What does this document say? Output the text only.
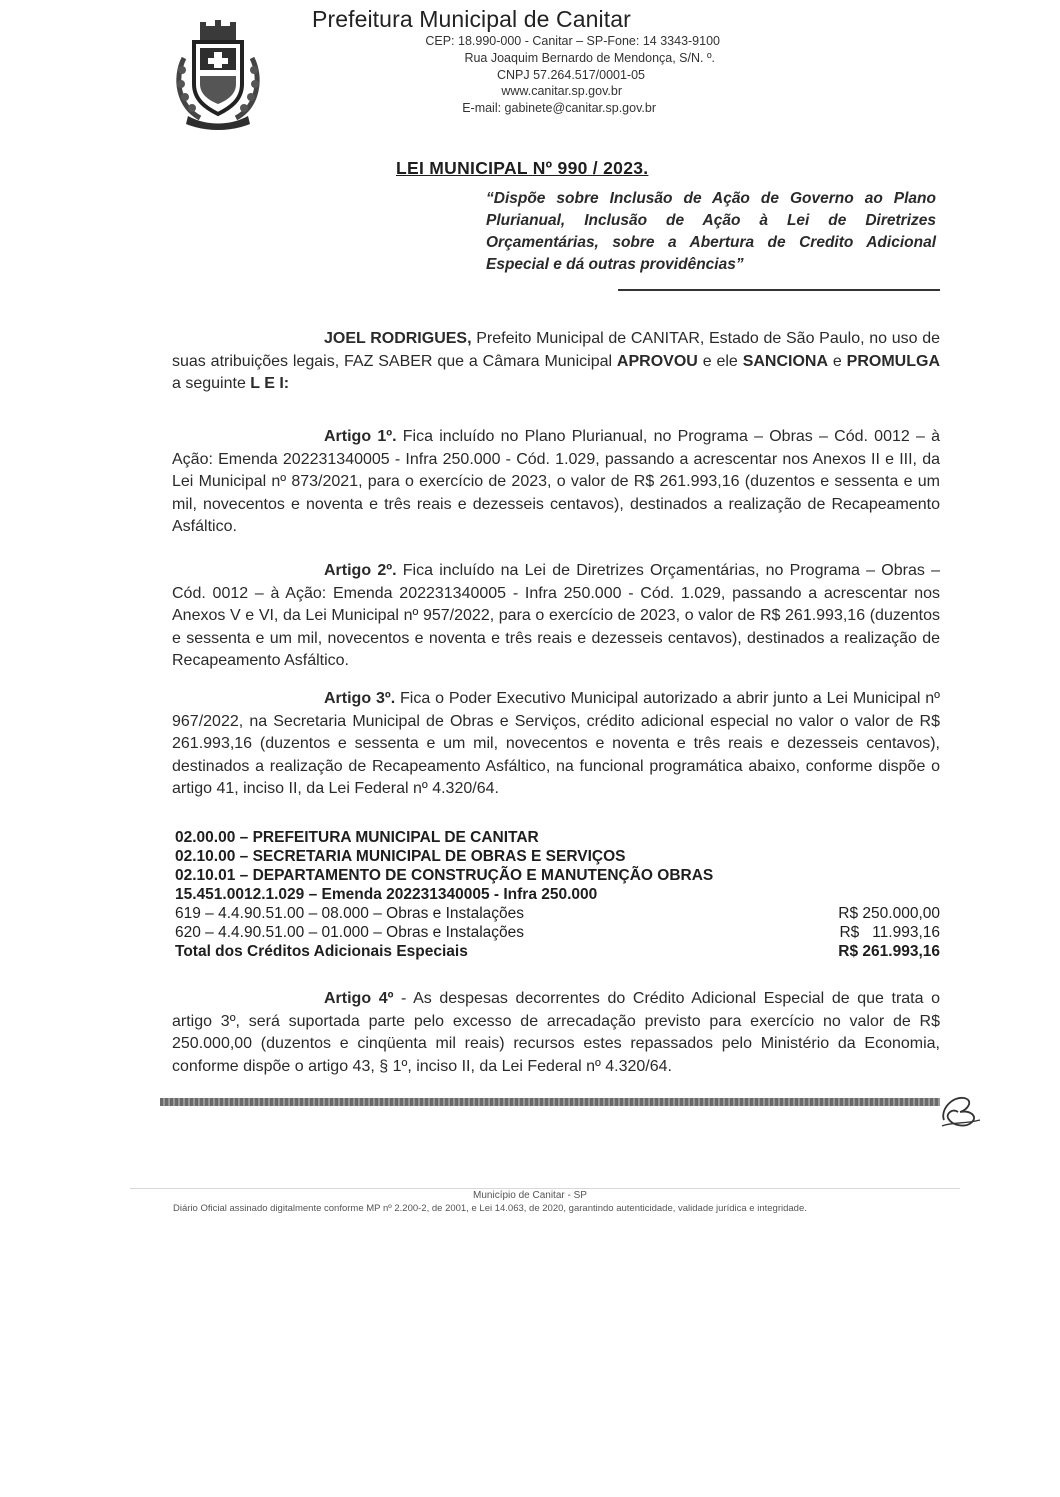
Prefeitura Municipal de Canitar
CEP: 18.990-000 - Canitar – SP-Fone: 14 3343-9100
Rua Joaquim Bernardo de Mendonça, S/N. º.
CNPJ 57.264.517/0001-05
www.canitar.sp.gov.br
E-mail: gabinete@canitar.sp.gov.br
LEI MUNICIPAL Nº 990 / 2023.
“Dispõe sobre Inclusão de Ação de Governo ao Plano Plurianual, Inclusão de Ação à Lei de Diretrizes Orçamentárias, sobre a Abertura de Credito Adicional Especial e dá outras providências”
JOEL RODRIGUES, Prefeito Municipal de CANITAR, Estado de São Paulo, no uso de suas atribuições legais, FAZ SABER que a Câmara Municipal APROVOU e ele SANCIONA e PROMULGA a seguinte L E I:
Artigo 1º. Fica incluído no Plano Plurianual, no Programa – Obras – Cód. 0012 – à Ação: Emenda 202231340005 - Infra 250.000 - Cód. 1.029, passando a acrescentar nos Anexos II e III, da Lei Municipal nº 873/2021, para o exercício de 2023, o valor de R$ 261.993,16 (duzentos e sessenta e um mil, novecentos e noventa e três reais e dezesseis centavos), destinados a realização de Recapeamento Asfáltico.
Artigo 2º. Fica incluído na Lei de Diretrizes Orçamentárias, no Programa – Obras – Cód. 0012 – à Ação: Emenda 202231340005 - Infra 250.000 - Cód. 1.029, passando a acrescentar nos Anexos V e VI, da Lei Municipal nº 957/2022, para o exercício de 2023, o valor de R$ 261.993,16 (duzentos e sessenta e um mil, novecentos e noventa e três reais e dezesseis centavos), destinados a realização de Recapeamento Asfáltico.
Artigo 3º. Fica o Poder Executivo Municipal autorizado a abrir junto a Lei Municipal nº 967/2022, na Secretaria Municipal de Obras e Serviços, crédito adicional especial no valor o valor de R$ 261.993,16 (duzentos e sessenta e um mil, novecentos e noventa e três reais e dezesseis centavos), destinados a realização de Recapeamento Asfáltico, na funcional programática abaixo, conforme dispõe o artigo 41, inciso II, da Lei Federal nº 4.320/64.
02.00.00 – PREFEITURA MUNICIPAL DE CANITAR
02.10.00 – SECRETARIA MUNICIPAL DE OBRAS E SERVIÇOS
02.10.01 – DEPARTAMENTO DE CONSTRUÇÃO E MANUTENÇÃO OBRAS
15.451.0012.1.029 – Emenda 202231340005 - Infra 250.000
619 – 4.4.90.51.00 – 08.000 – Obras e Instalações	R$ 250.000,00
620 – 4.4.90.51.00 – 01.000 – Obras e Instalações	R$   11.993,16
Total dos Créditos Adicionais Especiais	R$ 261.993,16
Artigo 4º - As despesas decorrentes do Crédito Adicional Especial de que trata o artigo 3º, será suportada parte pelo excesso de arrecadação previsto para exercício no valor de R$ 250.000,00 (duzentos e cinqüenta mil reais) recursos estes repassados pelo Ministério da Economia, conforme dispõe o artigo 43, § 1º, inciso II, da Lei Federal nº 4.320/64.
Município de Canitar - SP
Diário Oficial assinado digitalmente conforme MP nº 2.200-2, de 2001, e Lei 14.063, de 2020, garantindo autenticidade, validade jurídica e integridade.
